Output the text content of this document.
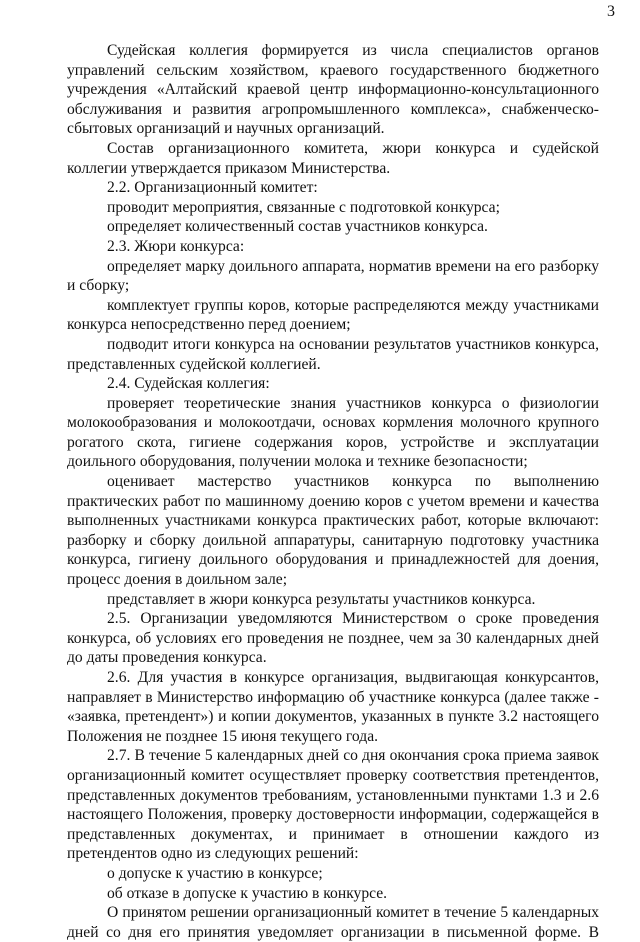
3

Судейская коллегия формируется из числа специалистов органов управлений сельским хозяйством, краевого государственного бюджетного учреждения «Алтайский краевой центр информационно-консультационного обслуживания и развития агропромышленного комплекса», снабженческо-сбытовых организаций и научных организаций.

Состав организационного комитета, жюри конкурса и судейской коллегии утверждается приказом Министерства.

2.2. Организационный комитет:

проводит мероприятия, связанные с подготовкой конкурса;

определяет количественный состав участников конкурса.

2.3. Жюри конкурса:

определяет марку доильного аппарата, норматив времени на его разборку и сборку;

комплектует группы коров, которые распределяются между участниками конкурса непосредственно перед доением;

подводит итоги конкурса на основании результатов участников конкурса, представленных судейской коллегией.

2.4. Судейская коллегия:

проверяет теоретические знания участников конкурса о физиологии молокообразования и молокоотдачи, основах кормления молочного крупного рогатого скота, гигиене содержания коров, устройстве и эксплуатации доильного оборудования, получении молока и технике безопасности;

оценивает мастерство участников конкурса по выполнению практических работ по машинному доению коров с учетом времени и качества выполненных участниками конкурса практических работ, которые включают: разборку и сборку доильной аппаратуры, санитарную подготовку участника конкурса, гигиену доильного оборудования и принадлежностей для доения, процесс доения в доильном зале;

представляет в жюри конкурса результаты участников конкурса.

2.5. Организации уведомляются Министерством о сроке проведения конкурса, об условиях его проведения не позднее, чем за 30 календарных дней до даты проведения конкурса.

2.6. Для участия в конкурсе организация, выдвигающая конкурсантов, направляет в Министерство информацию об участнике конкурса (далее также - «заявка, претендент») и копии документов, указанных в пункте 3.2 настоящего Положения не позднее 15 июня текущего года.

2.7. В течение 5 календарных дней со дня окончания срока приема заявок организационный комитет осуществляет проверку соответствия претендентов, представленных документов требованиям, установленными пунктами 1.3 и 2.6 настоящего Положения, проверку достоверности информации, содержащейся в представленных документах, и принимает в отношении каждого из претендентов одно из следующих решений:

о допуске к участию в конкурсе;

об отказе в допуске к участию в конкурсе.

О принятом решении организационный комитет в течение 5 календарных дней со дня его принятия уведомляет организации в письменной форме. В
